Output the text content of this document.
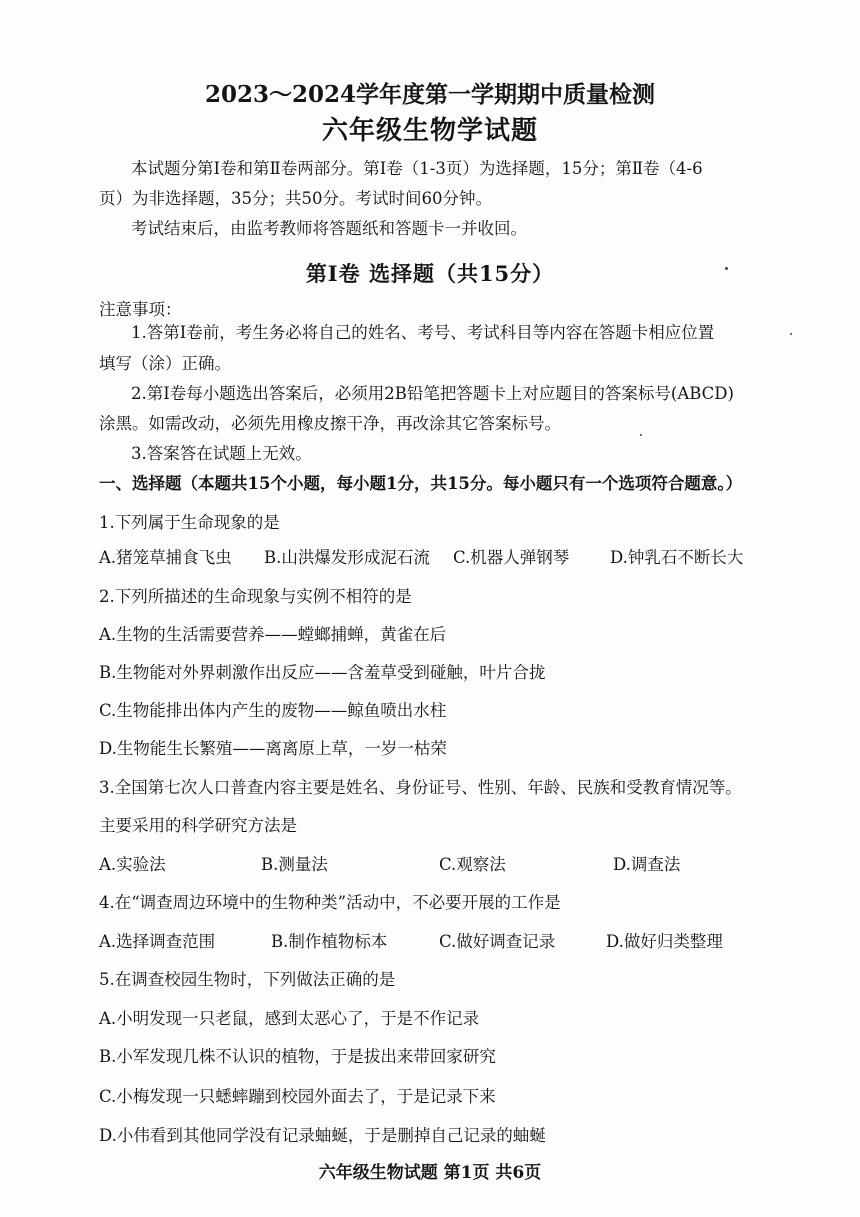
2023～2024学年度第一学期期中质量检测
六年级生物学试题
本试题分第Ⅰ卷和第Ⅱ卷两部分。第Ⅰ卷（1-3页）为选择题，15分；第Ⅱ卷（4-6
页）为非选择题，35分；共50分。考试时间60分钟。
考试结束后，由监考教师将答题纸和答题卡一并收回。
第Ⅰ卷 选择题（共15分）
注意事项：
1.答第Ⅰ卷前，考生务必将自己的姓名、考号、考试科目等内容在答题卡相应位置
填写（涂）正确。
2.第Ⅰ卷每小题选出答案后，必须用2B铅笔把答题卡上对应题目的答案标号(ABCD)
涂黑。如需改动，必须先用橡皮擦干净，再改涂其它答案标号。
3.答案答在试题上无效。
一、选择题（本题共15个小题，每小题1分，共15分。每小题只有一个选项符合题意。）
1.下列属于生命现象的是
A.猪笼草捕食飞虫 B.山洪爆发形成泥石流 C.机器人弹钢琴 D.钟乳石不断长大
2.下列所描述的生命现象与实例不相符的是
A.生物的生活需要营养——螳螂捕蝉，黄雀在后
B.生物能对外界刺激作出反应——含羞草受到碰触，叶片合拢
C.生物能排出体内产生的废物——鲸鱼喷出水柱
D.生物能生长繁殖——离离原上草，一岁一枯荣
3.全国第七次人口普查内容主要是姓名、身份证号、性别、年龄、民族和受教育情况等。
主要采用的科学研究方法是
A.实验法	B.测量法	C.观察法	D.调查法
4.在“调查周边环境中的生物种类”活动中，不必要开展的工作是
A.选择调查范围	B.制作植物标本	C.做好调查记录	D.做好归类整理
5.在调查校园生物时，下列做法正确的是
A.小明发现一只老鼠，感到太恶心了，于是不作记录
B.小军发现几株不认识的植物，于是拔出来带回家研究
C.小梅发现一只蟋蟀蹦到校园外面去了，于是记录下来
D.小伟看到其他同学没有记录蚰蜒，于是删掉自己记录的蚰蜒
六年级生物试题 第1页 共6页
